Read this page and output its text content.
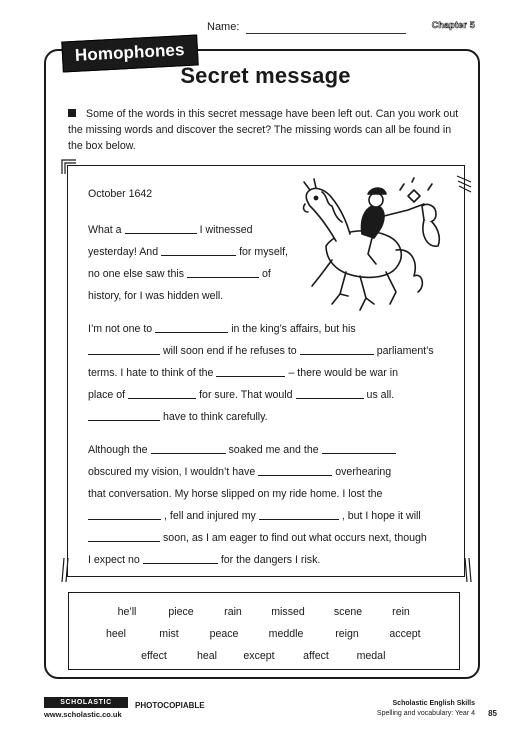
Name:	Chapter 5
Homophones
Secret message

Some of the words in this secret message have been left out. Can you work out the missing words and discover the secret? The missing words can all be found in the box below.

October 1642
What a	I witnessed
yesterday! And	for myself,
no one else saw this	of
history, for I was hidden well.
I’m not one to	in the king’s affairs, but his
will soon end if he refuses to	parliament’s
terms. I hate to think of the	– there would be war in
place of	for sure. That would	us all.
have to think carefully.
Although the	soaked me and the
obscured my vision, I wouldn’t have	overhearing
that conversation. My horse slipped on my ride home. I lost the
, fell and injured my	, but I hope it will
soon, as I am eager to find out what occurs next, though
I expect no	for the dangers I risk.
he’ll	piece	rain	missed	scene	rein
heel	mist	peace	meddle	reign	accept
effect	heal except	affect	medal
SCHOLASTIC
www.scholastic.co.uk
PHOTOCOPIABLE	Scholastic English Skills
Spelling and vocabulary: Year 4 85
